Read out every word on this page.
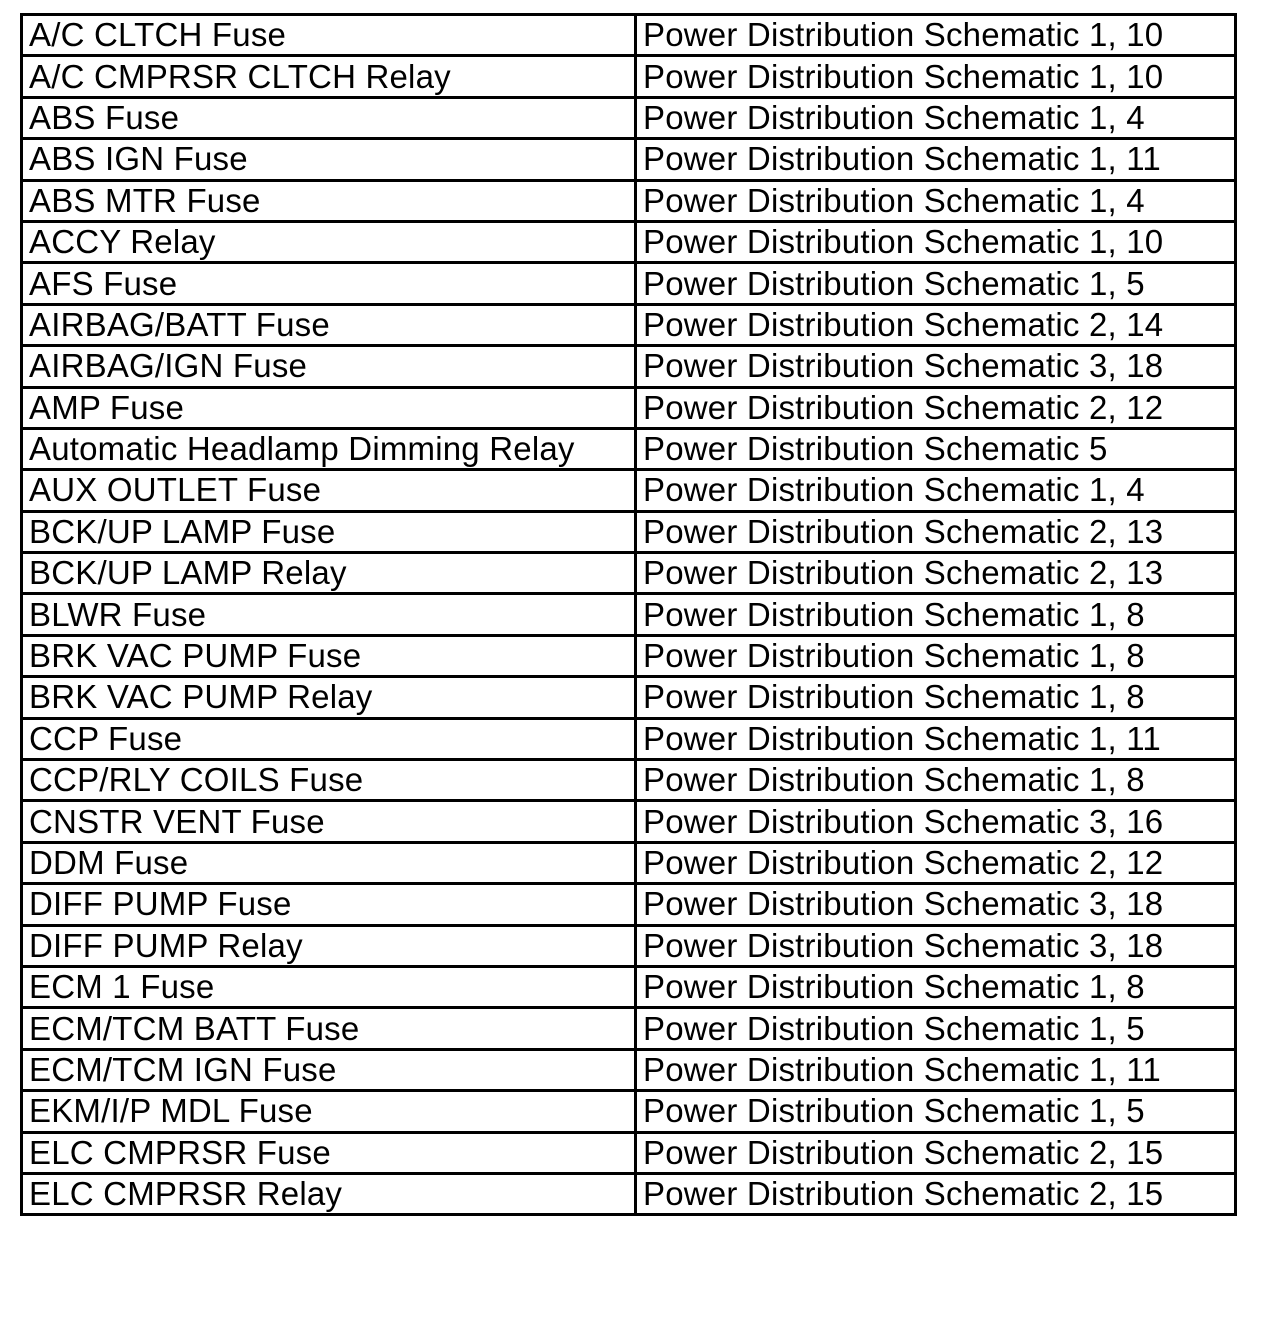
A/C CLTCH Fuse	Power Distribution Schematic 1, 10
A/C CMPRSR CLTCH Relay	Power Distribution Schematic 1, 10
ABS Fuse	Power Distribution Schematic 1, 4
ABS IGN Fuse	Power Distribution Schematic 1, 11
ABS MTR Fuse	Power Distribution Schematic 1, 4
ACCY Relay	Power Distribution Schematic 1, 10
AFS Fuse	Power Distribution Schematic 1, 5
AIRBAG/BATT Fuse	Power Distribution Schematic 2, 14
AIRBAG/IGN Fuse	Power Distribution Schematic 3, 18
AMP Fuse	Power Distribution Schematic 2, 12
Automatic Headlamp Dimming Relay	Power Distribution Schematic 5
AUX OUTLET Fuse	Power Distribution Schematic 1, 4
BCK/UP LAMP Fuse	Power Distribution Schematic 2, 13
BCK/UP LAMP Relay	Power Distribution Schematic 2, 13
BLWR Fuse	Power Distribution Schematic 1, 8
BRK VAC PUMP Fuse	Power Distribution Schematic 1, 8
BRK VAC PUMP Relay	Power Distribution Schematic 1, 8
CCP Fuse	Power Distribution Schematic 1, 11
CCP/RLY COILS Fuse	Power Distribution Schematic 1, 8
CNSTR VENT Fuse	Power Distribution Schematic 3, 16
DDM Fuse	Power Distribution Schematic 2, 12
DIFF PUMP Fuse	Power Distribution Schematic 3, 18
DIFF PUMP Relay	Power Distribution Schematic 3, 18
ECM 1 Fuse	Power Distribution Schematic 1, 8
ECM/TCM BATT Fuse	Power Distribution Schematic 1, 5
ECM/TCM IGN Fuse	Power Distribution Schematic 1, 11
EKM/I/P MDL Fuse	Power Distribution Schematic 1, 5
ELC CMPRSR Fuse	Power Distribution Schematic 2, 15
ELC CMPRSR Relay	Power Distribution Schematic 2, 15
